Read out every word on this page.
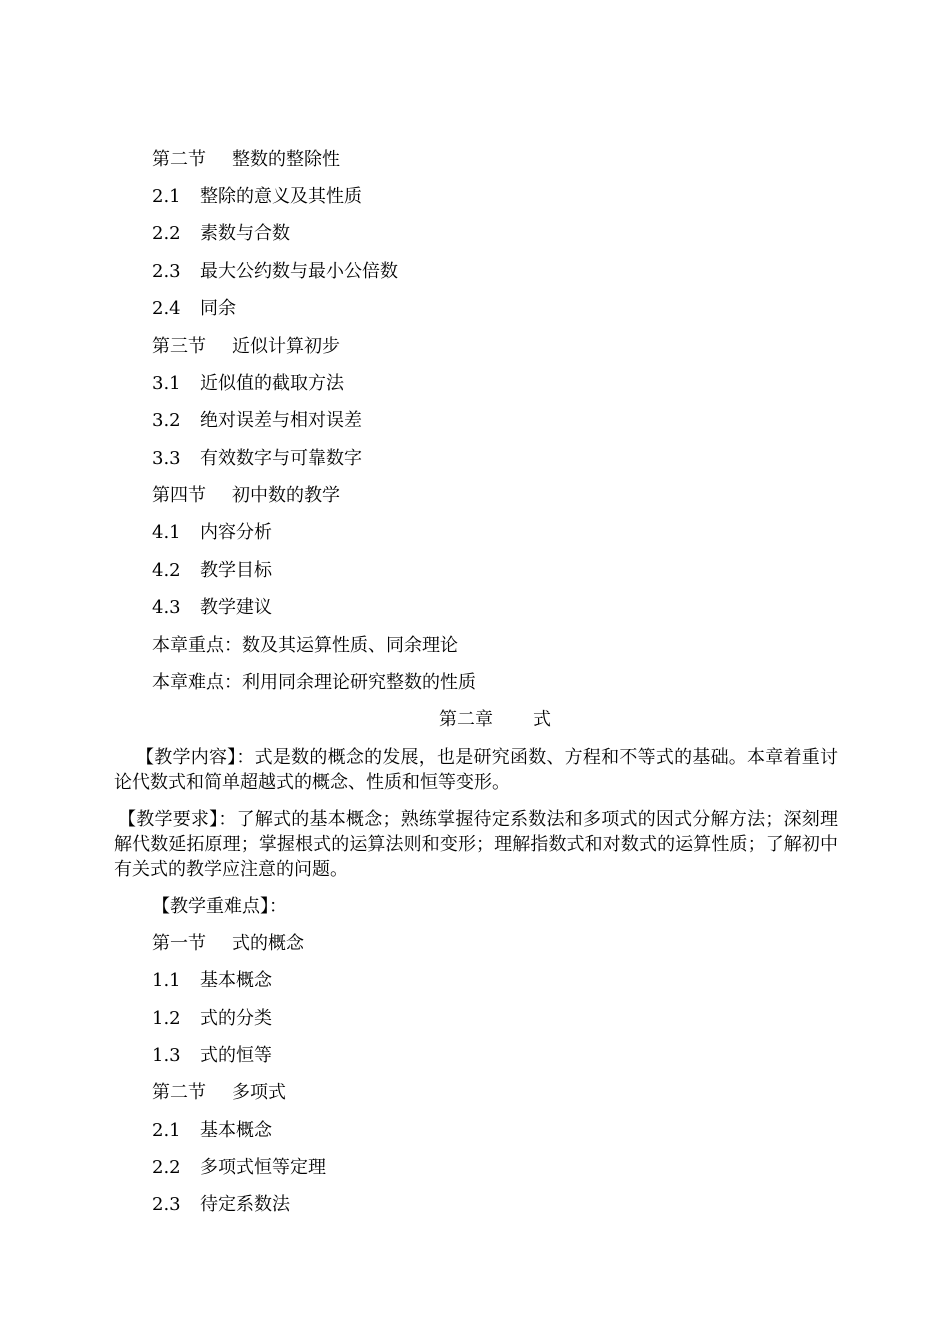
第二节 整数的整除性
2.1 整除的意义及其性质
2.2 素数与合数
2.3 最大公约数与最小公倍数
2.4 同余
第三节 近似计算初步
3.1 近似值的截取方法
3.2 绝对误差与相对误差
3.3 有效数字与可靠数字
第四节 初中数的教学
4.1 内容分析
4.2 教学目标
4.3 教学建议
本章重点：数及其运算性质、同余理论
本章难点：利用同余理论研究整数的性质
第二章 式
【教学内容】：式是数的概念的发展，也是研究函数、方程和不等式的基础。本章着重讨论代数式和简单超越式的概念、性质和恒等变形。
【教学要求】：了解式的基本概念；熟练掌握待定系数法和多项式的因式分解方法；深刻理解代数延拓原理；掌握根式的运算法则和变形；理解指数式和对数式的运算性质；了解初中有关式的教学应注意的问题。
【教学重难点】：
第一节 式的概念
1.1 基本概念
1.2 式的分类
1.3 式的恒等
第二节 多项式
2.1 基本概念
2.2 多项式恒等定理
2.3 待定系数法
